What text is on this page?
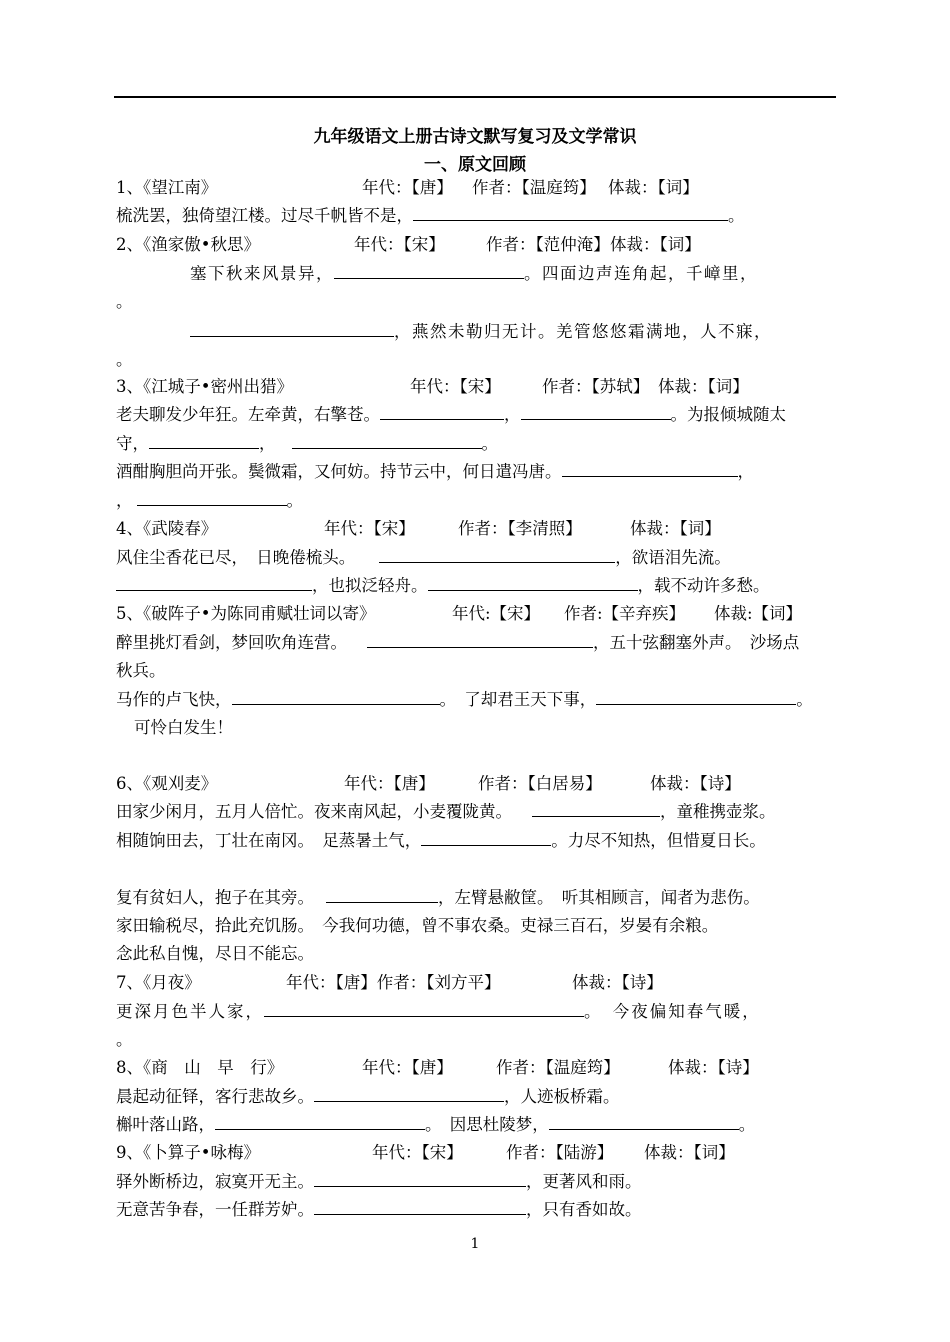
九年级语文上册古诗文默写复习及文学常识
一、原文回顾
1、《望江南》	年代：【唐】 作者：【温庭筠】 体裁：【词】
梳洗罢，独倚望江楼。过尽千帆皆不是，	。
2、《渔家傲•秋思》	年代：【宋】	作者：【范仲淹】体裁：【词】
塞下秋来风景异，	。四面边声连角起，千嶂里，
。
，燕然未勒归无计。羌管悠悠霜满地，人不寐，
。
3、《江城子•密州出猎》	年代：【宋】	作者：【苏轼】 体裁：【词】
老夫聊发少年狂。左牵黄，右擎苍。	，	。为报倾城随太
守，	，	。
酒酣胸胆尚开张。鬓微霜，又何妨。持节云中，何日遣冯唐。	，
，	。
4、《武陵春》	年代：【宋】	作者：【李清照】	体裁：【词】
风住尘香花已尽，　日晚倦梳头。	，欲语泪先流。
，也拟泛轻舟。	，载不动许多愁。
5、《破阵子•为陈同甫赋壮词以寄》	年代:【宋】 作者:【辛弃疾】 体裁:【词】
醉里挑灯看剑，梦回吹角连营。	，五十弦翻塞外声。　沙场点
秋兵。
马作的卢飞快，	。　了却君王天下事，	。
可怜白发生！
6、《观刈麦》	年代：【唐】	作者：【白居易】	体裁：【诗】
田家少闲月，五月人倍忙。夜来南风起，小麦覆陇黄。	，童稚携壶浆。
相随饷田去，丁壮在南冈。　足蒸暑土气，	。力尽不知热，但惜夏日长。
复有贫妇人，抱子在其旁。	，左臂悬敝筐。　听其相顾言，闻者为悲伤。
家田输税尽，拾此充饥肠。　今我何功德，曾不事农桑。吏禄三百石，岁晏有余粮。
念此私自愧，尽日不能忘。
7、《月夜》	年代：【唐】作者：【刘方平】	体裁：【诗】
更深月色半人家，	。　今夜偏知春气暖，
。
8、《商　山　早　行》	年代：【唐】	作者：【温庭筠】	体裁：【诗】
晨起动征铎，客行悲故乡。	，人迹板桥霜。
槲叶落山路，	。　因思杜陵梦，	。
9、《卜算子•咏梅》	年代：【宋】	作者：【陆游】 体裁：【词】
驿外断桥边，寂寞开无主。	，更著风和雨。
无意苦争春，一任群芳妒。	，只有香如故。
1
